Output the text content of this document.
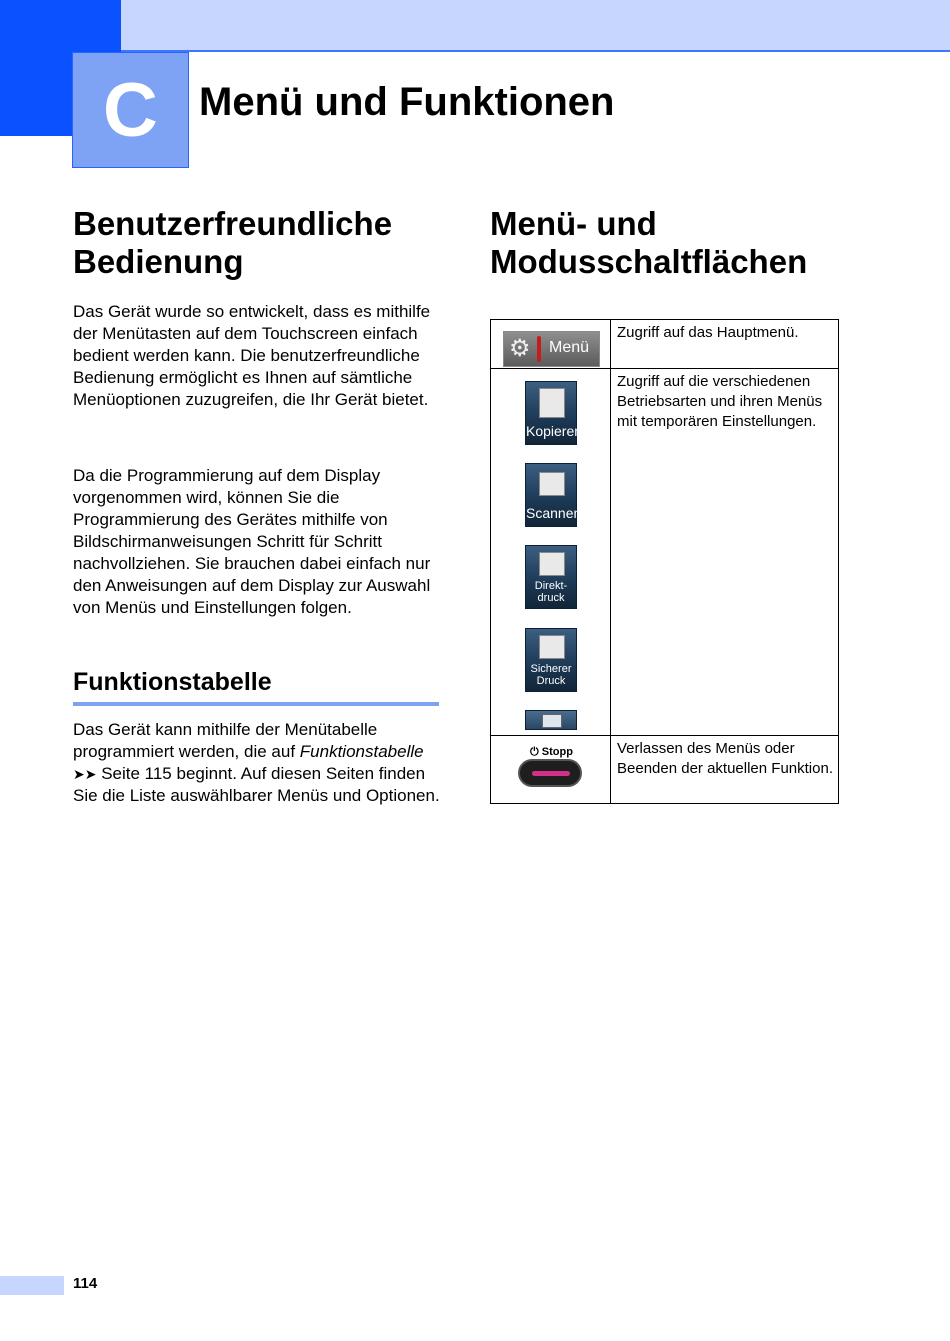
C	Menü und Funktionen
Benutzerfreundliche Bedienung

Das Gerät wurde so entwickelt, dass es mithilfe der Menütasten auf dem Touchscreen einfach bedient werden kann. Die benutzerfreundliche Bedienung ermöglicht es Ihnen auf sämtliche Menüoptionen zuzugreifen, die Ihr Gerät bietet.

Da die Programmierung auf dem Display vorgenommen wird, können Sie die Programmierung des Gerätes mithilfe von Bildschirmanweisungen Schritt für Schritt nachvollziehen. Sie brauchen dabei einfach nur den Anweisungen auf dem Display zur Auswahl von Menüs und Einstellungen folgen.

Funktionstabelle

Das Gerät kann mithilfe der Menütabelle programmiert werden, die auf Funktionstabelle ➤➤ Seite 115 beginnt. Auf diesen Seiten finden Sie die Liste auswählbarer Menüs und Optionen.

Menü- und Modusschaltflächen
⚙ Menü
Zugriff auf das Hauptmenü.
Kopieren
Scannen
Direkt-
druck
Sicherer
Druck
Zugriff auf die verschiedenen Betriebsarten und ihren Menüs mit temporären Einstellungen.
⏻ Stopp	Verlassen des Menüs oder Beenden der aktuellen Funktion.
114
